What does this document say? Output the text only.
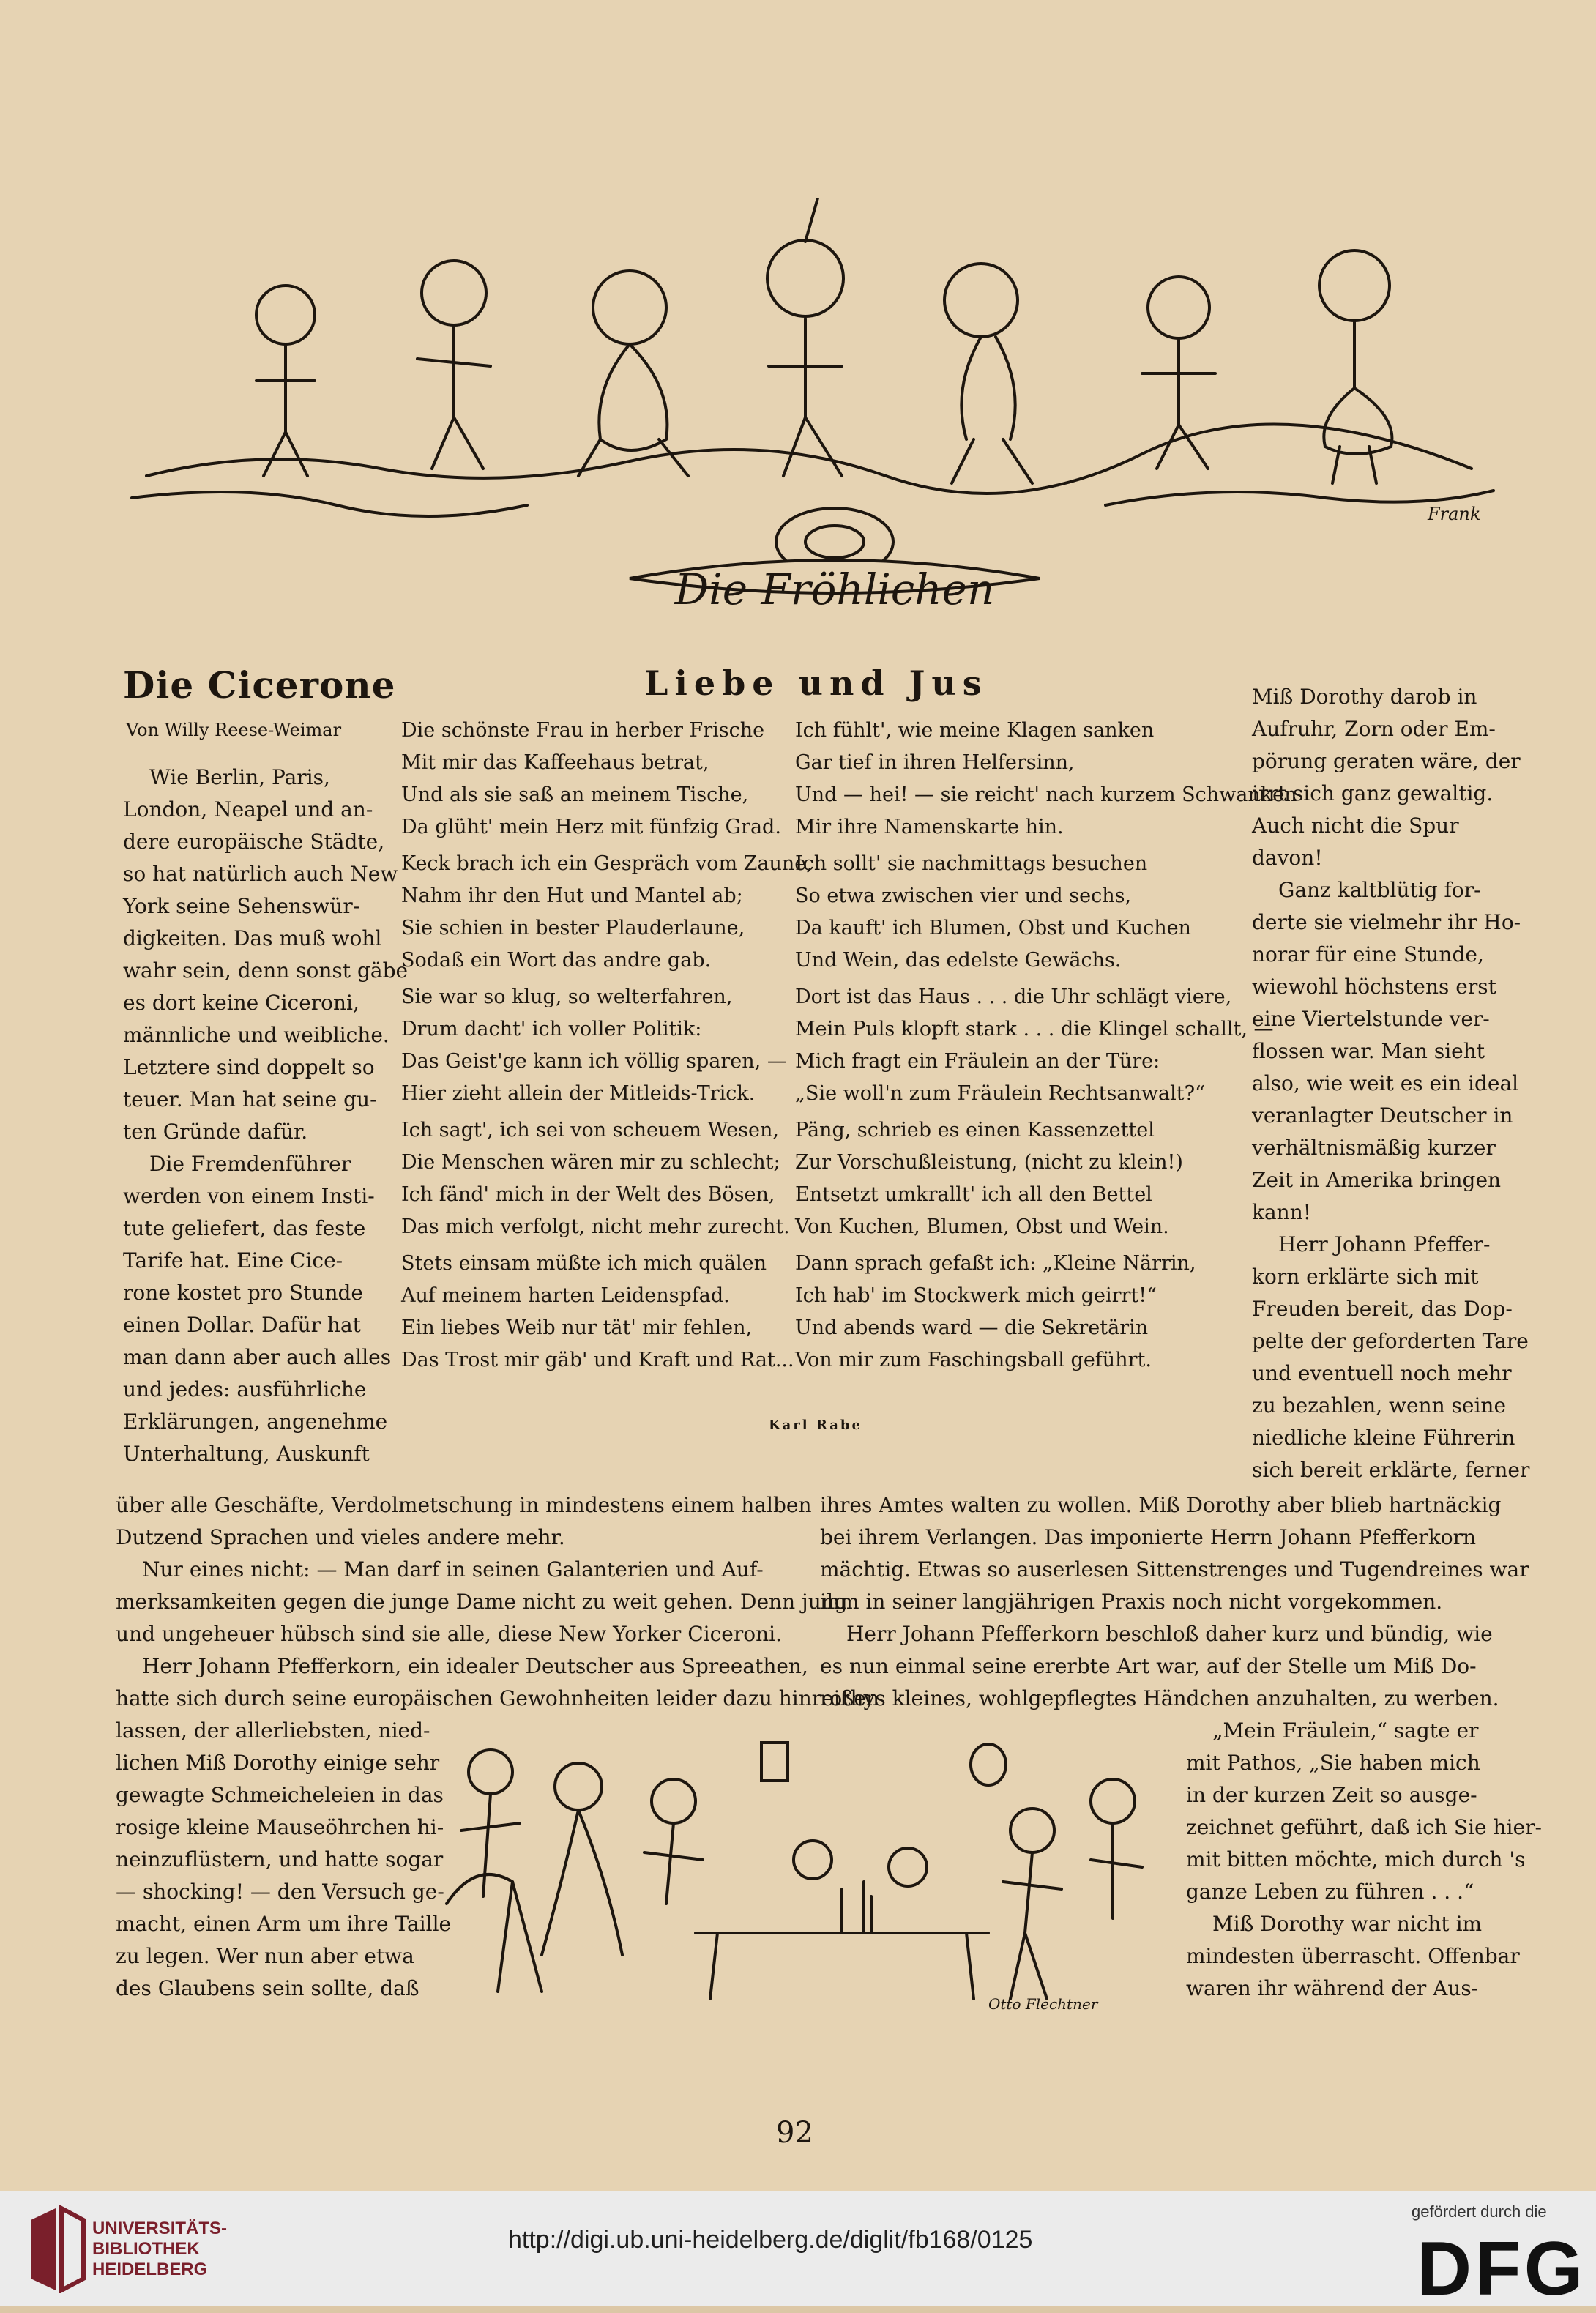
Die Fröhlichen
Frank
Die Cicerone	Liebe und Jus
Von Willy Reese-Weimar
Wie Berlin, Paris,
London, Neapel und an-
dere europäische Städte,
so hat natürlich auch New
York seine Sehenswür-
digkeiten. Das muß wohl
wahr sein, denn sonst gäbe
es dort keine Ciceroni,
männliche und weibliche.
Letztere sind doppelt so
teuer. Man hat seine gu-
ten Gründe dafür.
Die Fremdenführer
werden von einem Insti-
tute geliefert, das feste
Tarife hat. Eine Cice-
rone kostet pro Stunde
einen Dollar. Dafür hat
man dann aber auch alles
und jedes: ausführliche
Erklärungen, angenehme
Unterhaltung, Auskunft
Die schönste Frau in herber Frische
Mit mir das Kaffeehaus betrat,
Und als sie saß an meinem Tische,
Da glüht' mein Herz mit fünfzig Grad.
Keck brach ich ein Gespräch vom Zaune,
Nahm ihr den Hut und Mantel ab;
Sie schien in bester Plauderlaune,
Sodaß ein Wort das andre gab.
Sie war so klug, so welterfahren,
Drum dacht' ich voller Politik:
Das Geist'ge kann ich völlig sparen, —
Hier zieht allein der Mitleids-Trick.
Ich sagt', ich sei von scheuem Wesen,
Die Menschen wären mir zu schlecht;
Ich fänd' mich in der Welt des Bösen,
Das mich verfolgt, nicht mehr zurecht.
Stets einsam müßte ich mich quälen
Auf meinem harten Leidenspfad.
Ein liebes Weib nur tät' mir fehlen,
Das Trost mir gäb' und Kraft und Rat...
Ich fühlt', wie meine Klagen sanken
Gar tief in ihren Helfersinn,
Und — hei! — sie reicht' nach kurzem Schwanken
Mir ihre Namenskarte hin.
Ich sollt' sie nachmittags besuchen
So etwa zwischen vier und sechs,
Da kauft' ich Blumen, Obst und Kuchen
Und Wein, das edelste Gewächs.
Dort ist das Haus . . . die Uhr schlägt viere,
Mein Puls klopft stark . . . die Klingel schallt, —
Mich fragt ein Fräulein an der Türe:
„Sie woll'n zum Fräulein Rechtsanwalt?“
Päng, schrieb es einen Kassenzettel
Zur Vorschußleistung, (nicht zu klein!)
Entsetzt umkrallt' ich all den Bettel
Von Kuchen, Blumen, Obst und Wein.
Dann sprach gefaßt ich: „Kleine Närrin,
Ich hab' im Stockwerk mich geirrt!“
Und abends ward — die Sekretärin
Von mir zum Faschingsball geführt.
Karl Rabe
Miß Dorothy darob in
Aufruhr, Zorn oder Em-
pörung geraten wäre, der
irrt sich ganz gewaltig.
Auch nicht die Spur
davon!
Ganz kaltblütig for-
derte sie vielmehr ihr Ho-
norar für eine Stunde,
wiewohl höchstens erst
eine Viertelstunde ver-
flossen war. Man sieht
also, wie weit es ein ideal
veranlagter Deutscher in
verhältnismäßig kurzer
Zeit in Amerika bringen
kann!
Herr Johann Pfeffer-
korn erklärte sich mit
Freuden bereit, das Dop-
pelte der geforderten Tare
und eventuell noch mehr
zu bezahlen, wenn seine
niedliche kleine Führerin
sich bereit erklärte, ferner
über alle Geschäfte, Verdolmetschung in mindestens einem halben
Dutzend Sprachen und vieles andere mehr.
Nur eines nicht: — Man darf in seinen Galanterien und Auf-
merksamkeiten gegen die junge Dame nicht zu weit gehen. Denn jung
und ungeheuer hübsch sind sie alle, diese New Yorker Ciceroni.
Herr Johann Pfefferkorn, ein idealer Deutscher aus Spreeathen,
hatte sich durch seine europäischen Gewohnheiten leider dazu hinreißen
lassen, der allerliebsten, nied-
lichen Miß Dorothy einige sehr
gewagte Schmeicheleien in das
rosige kleine Mauseöhrchen hi-
neinzuflüstern, und hatte sogar
— shocking! — den Versuch ge-
macht, einen Arm um ihre Taille
zu legen. Wer nun aber etwa
des Glaubens sein sollte, daß
ihres Amtes walten zu wollen. Miß Dorothy aber blieb hartnäckig
bei ihrem Verlangen. Das imponierte Herrn Johann Pfefferkorn
mächtig. Etwas so auserlesen Sittenstrenges und Tugendreines war
ihm in seiner langjährigen Praxis noch nicht vorgekommen.
Herr Johann Pfefferkorn beschloß daher kurz und bündig, wie
es nun einmal seine ererbte Art war, auf der Stelle um Miß Do-
rothys kleines, wohlgepflegtes Händchen anzuhalten, zu werben.
„Mein Fräulein,“ sagte er
mit Pathos, „Sie haben mich
in der kurzen Zeit so ausge-
zeichnet geführt, daß ich Sie hier-
mit bitten möchte, mich durch 's
ganze Leben zu führen . . .“
Miß Dorothy war nicht im
mindesten überrascht. Offenbar
waren ihr während der Aus-
Otto Flechtner
92
UNIVERSITÄTS-
BIBLIOTHEK
HEIDELBERG
http://digi.ub.uni-heidelberg.de/diglit/fb168/0125
gefördert durch die
DFG
